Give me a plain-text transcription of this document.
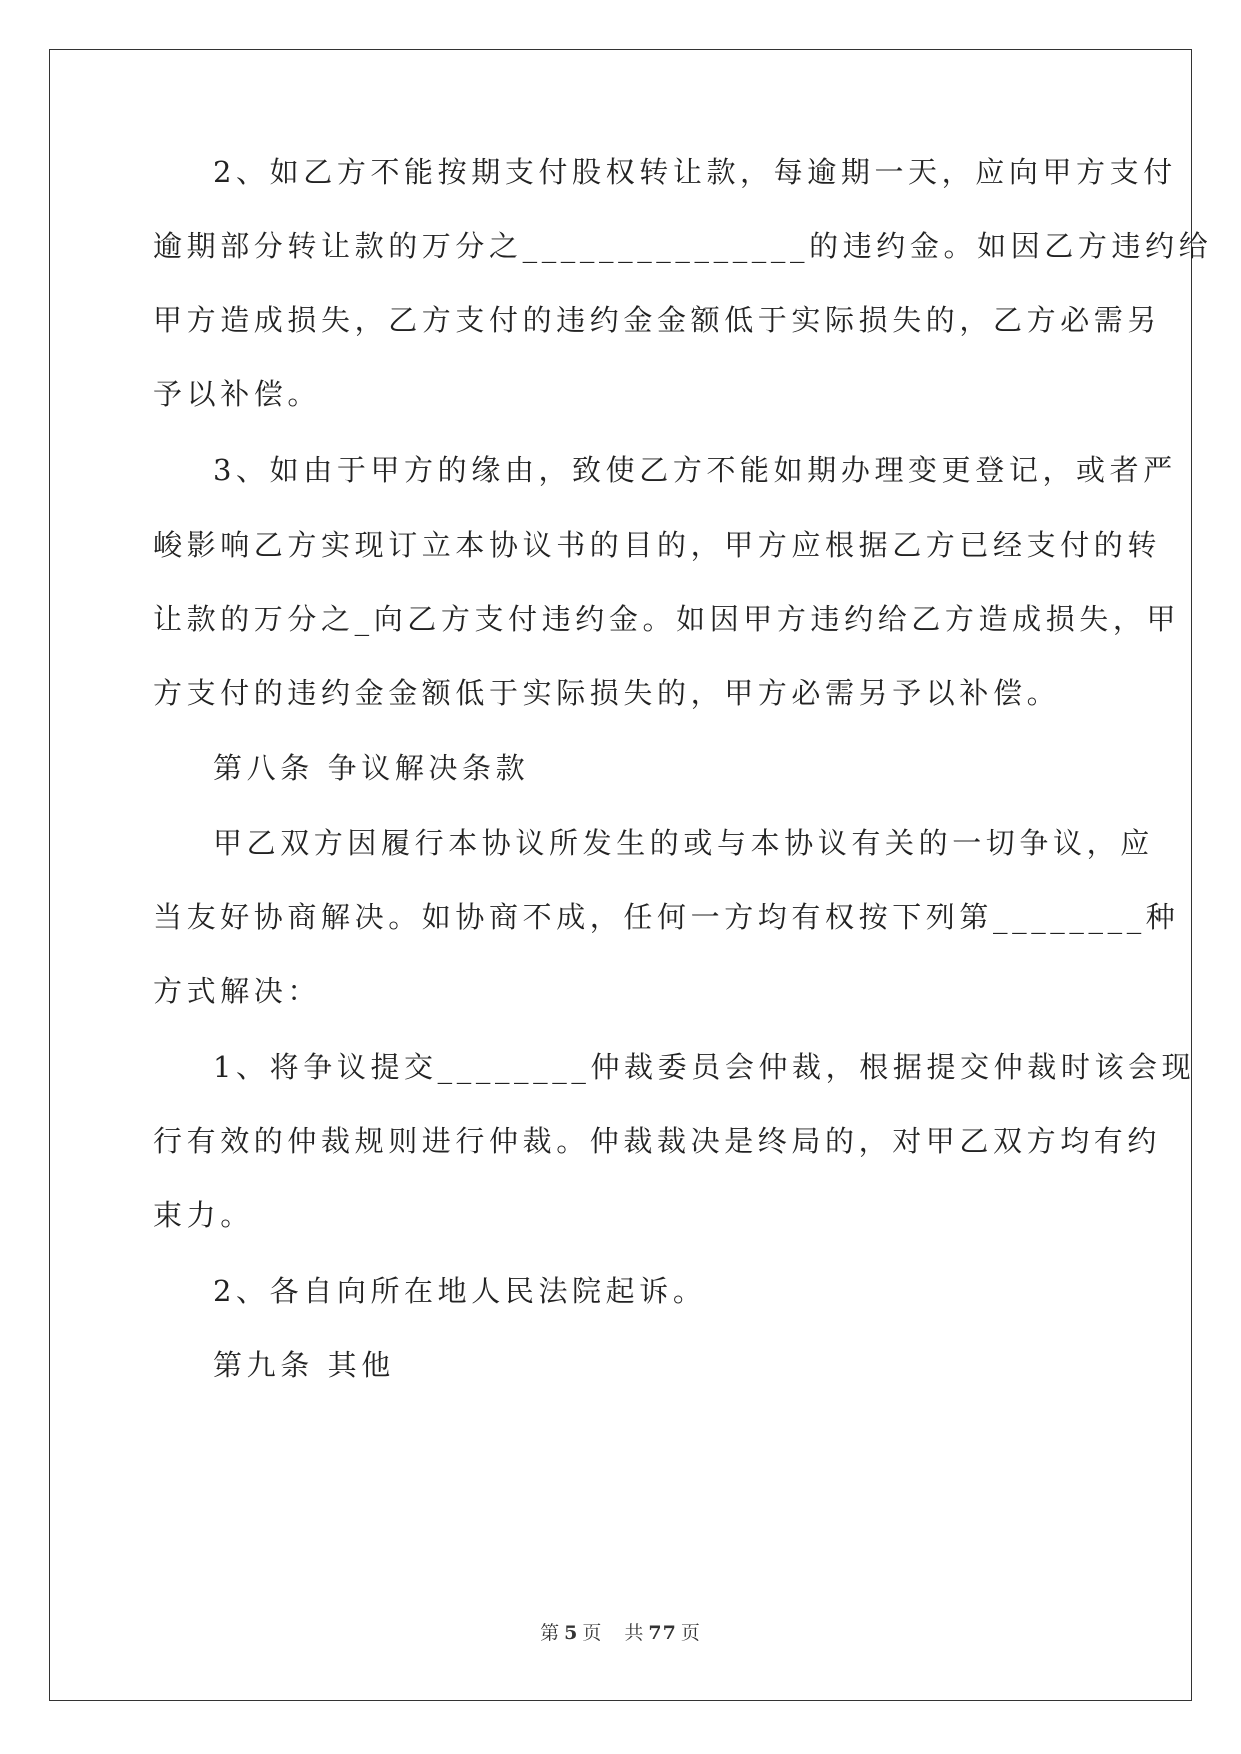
2、如乙方不能按期支付股权转让款，每逾期一天，应向甲方支付
逾期部分转让款的万分之_______________的违约金。如因乙方违约给
甲方造成损失，乙方支付的违约金金额低于实际损失的，乙方必需另
予以补偿。
3、如由于甲方的缘由，致使乙方不能如期办理变更登记，或者严
峻影响乙方实现订立本协议书的目的，甲方应根据乙方已经支付的转
让款的万分之_向乙方支付违约金。如因甲方违约给乙方造成损失，甲
方支付的违约金金额低于实际损失的，甲方必需另予以补偿。
第八条 争议解决条款
甲乙双方因履行本协议所发生的或与本协议有关的一切争议，应
当友好协商解决。如协商不成，任何一方均有权按下列第________种
方式解决：
1、将争议提交________仲裁委员会仲裁，根据提交仲裁时该会现
行有效的仲裁规则进行仲裁。仲裁裁决是终局的，对甲乙双方均有约
束力。
2、各自向所在地人民法院起诉。
第九条 其他
第 5 页 共 77 页
